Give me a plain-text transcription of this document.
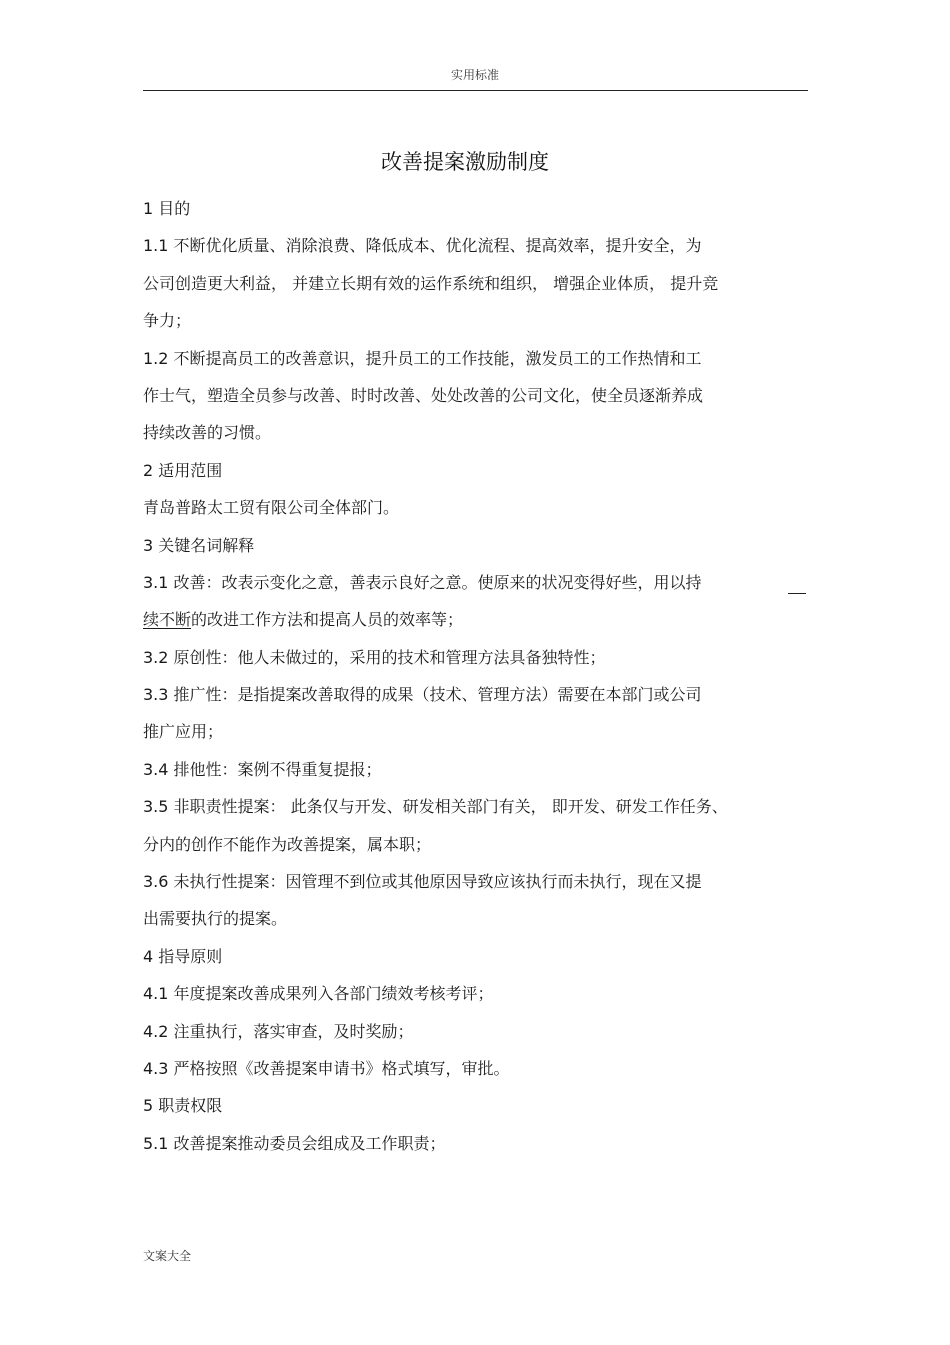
实用标准
改善提案激励制度
1 目的
1.1 不断优化质量、消除浪费、降低成本、优化流程、提高效率，提升安全，为
公司创造更大利益， 并建立长期有效的运作系统和组织， 增强企业体质， 提升竞
争力；
1.2 不断提高员工的改善意识，提升员工的工作技能，激发员工的工作热情和工
作士气，塑造全员参与改善、时时改善、处处改善的公司文化，使全员逐渐养成
持续改善的习惯。
2 适用范围
青岛普路太工贸有限公司全体部门。
3 关键名词解释
3.1 改善：改表示变化之意，善表示良好之意。使原来的状况变得好些，用以持
续不断的改进工作方法和提高人员的效率等；
3.2 原创性：他人未做过的，采用的技术和管理方法具备独特性；
3.3 推广性：是指提案改善取得的成果（技术、管理方法）需要在本部门或公司
推广应用；
3.4 排他性：案例不得重复提报；
3.5 非职责性提案： 此条仅与开发、研发相关部门有关， 即开发、研发工作任务、
分内的创作不能作为改善提案，属本职；
3.6 未执行性提案：因管理不到位或其他原因导致应该执行而未执行，现在又提
出需要执行的提案。
4 指导原则
4.1 年度提案改善成果列入各部门绩效考核考评；
4.2 注重执行，落实审查，及时奖励；
4.3 严格按照《改善提案申请书》格式填写，审批。
5 职责权限
5.1 改善提案推动委员会组成及工作职责；
文案大全
